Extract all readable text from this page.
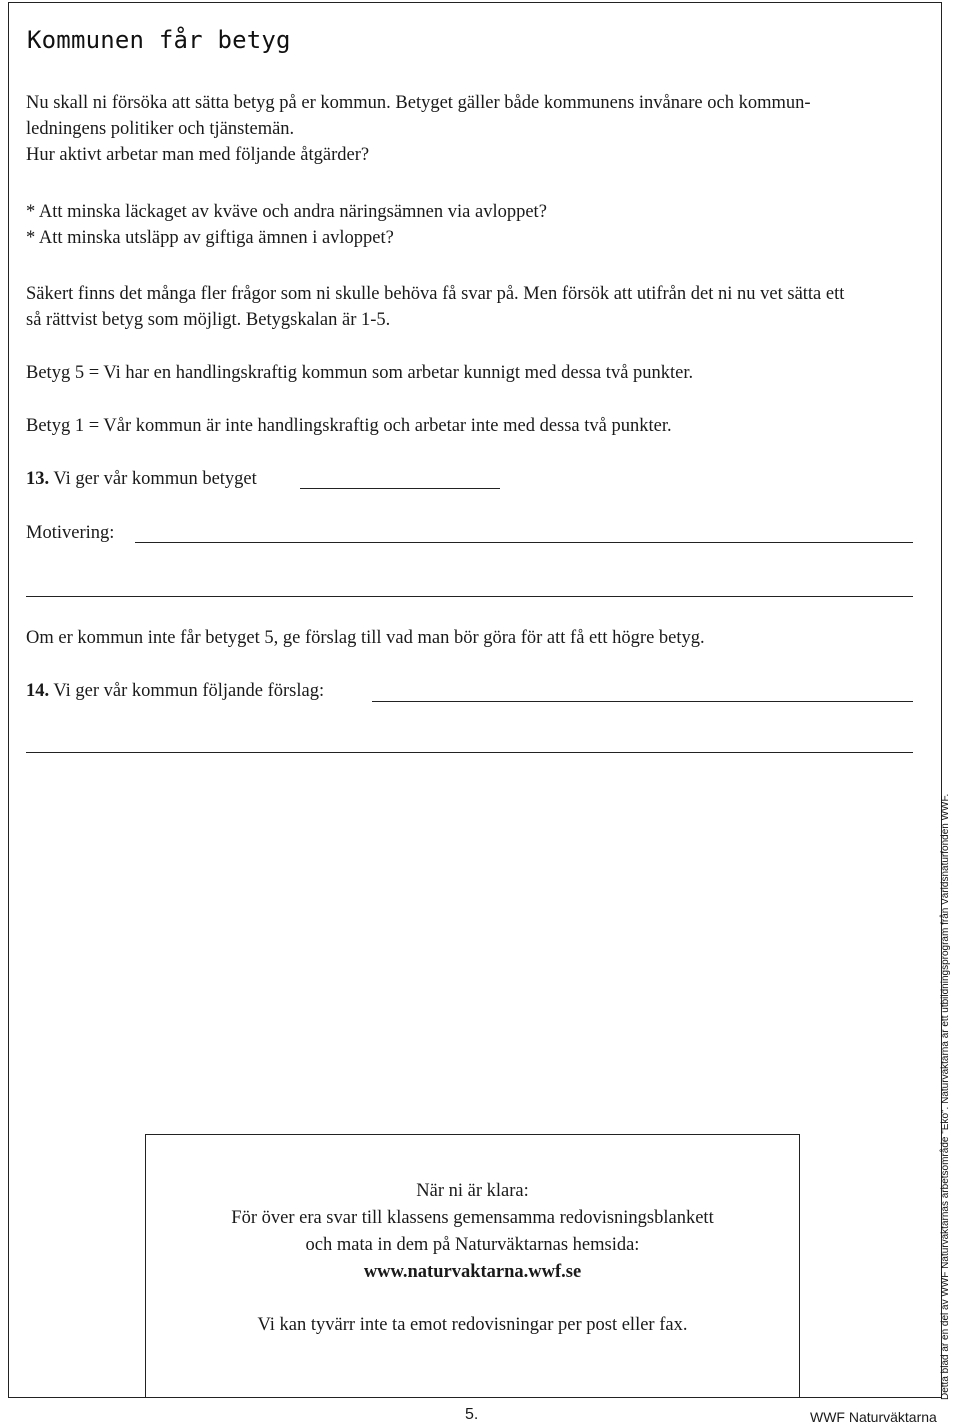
Kommunen får betyg
Nu skall ni försöka att sätta betyg på er kommun. Betyget gäller både kommunens invånare och kommun-
ledningens politiker och tjänstemän.
Hur aktivt arbetar man med följande åtgärder?
* Att minska läckaget av kväve och andra näringsämnen via avloppet?
* Att minska utsläpp av giftiga ämnen i avloppet?
Säkert finns det många fler frågor som ni skulle behöva få svar på. Men försök att utifrån det ni nu vet sätta ett
så rättvist betyg som möjligt. Betygskalan är 1-5.
Betyg 5 = Vi har en handlingskraftig kommun som arbetar kunnigt med dessa två punkter.
Betyg 1 = Vår kommun är inte handlingskraftig och arbetar inte med dessa två punkter.
13. Vi ger vår kommun betyget
Motivering:
Om er kommun inte får betyget 5, ge förslag till vad man bör göra för att få ett högre betyg.
14. Vi ger vår kommun följande förslag:

När ni är klara:

För över era svar till klassens gemensamma redovisningsblankett

och mata in dem på Naturväktarnas hemsida:

www.naturvaktarna.wwf.se

Vi kan tyvärr inte ta emot redovisningar per post eller fax.	Detta blad är en del av WWF Naturväktarnas arbetsområde "Eko". Naturväktarna är ett utbildningsprogram från Världsnaturfonden WWF.
5.	WWF Naturväktarna
